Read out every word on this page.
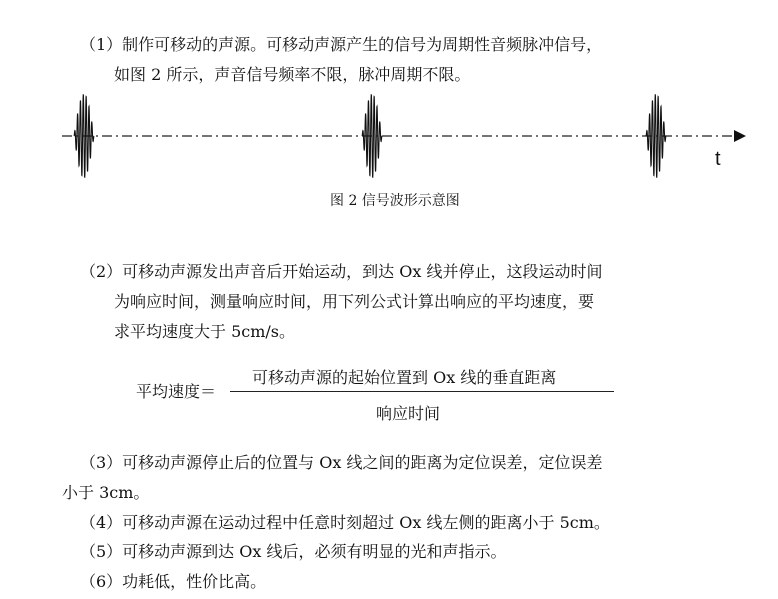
（1）制作可移动的声源。可移动声源产生的信号为周期性音频脉冲信号，
如图 2 所示，声音信号频率不限，脉冲周期不限。
t
图 2 信号波形示意图
（2）可移动声源发出声音后开始运动，到达 Ox 线并停止，这段运动时间
为响应时间，测量响应时间，用下列公式计算出响应的平均速度，要
求平均速度大于 5cm/s。
平均速度＝
可移动声源的起始位置到 Ox 线的垂直距离
响应时间
（3）可移动声源停止后的位置与 Ox 线之间的距离为定位误差，定位误差
小于 3cm。
（4）可移动声源在运动过程中任意时刻超过 Ox 线左侧的距离小于 5cm。
（5）可移动声源到达 Ox 线后，必须有明显的光和声指示。
（6）功耗低，性价比高。
